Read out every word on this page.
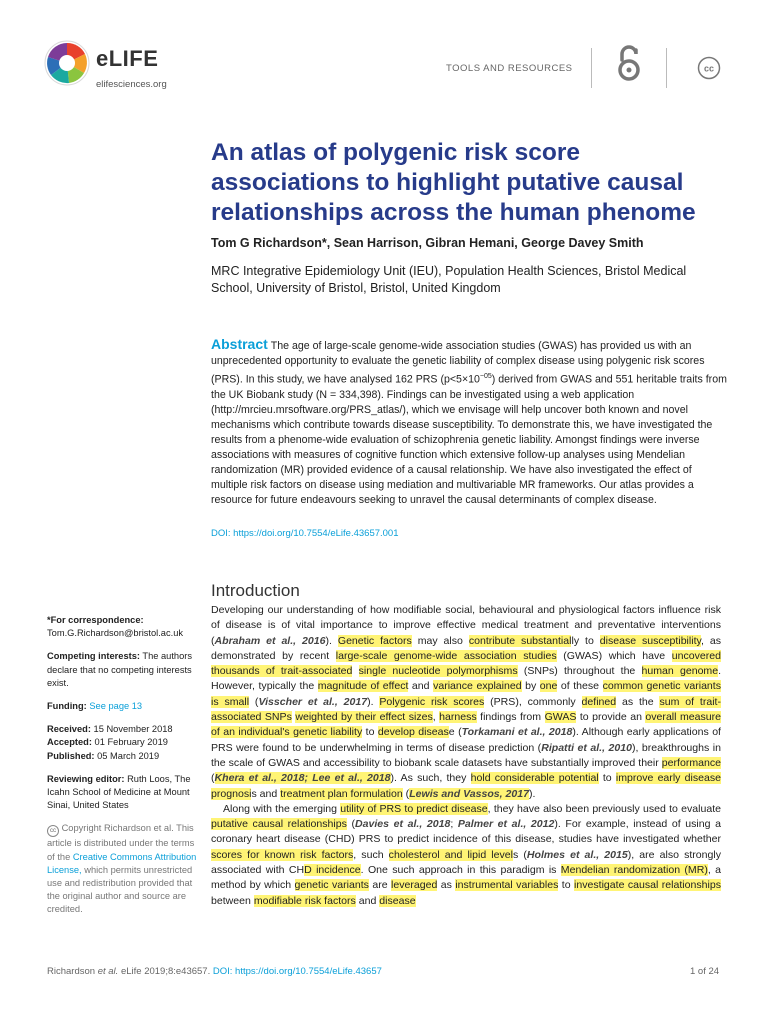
eLIFE
elifesciences.org
TOOLS AND RESOURCES	cc
An atlas of polygenic risk score associations to highlight putative causal relationships across the human phenome
Tom G Richardson*, Sean Harrison, Gibran Hemani, George Davey Smith
MRC Integrative Epidemiology Unit (IEU), Population Health Sciences, Bristol Medical School, University of Bristol, Bristol, United Kingdom
Abstract The age of large-scale genome-wide association studies (GWAS) has provided us with an unprecedented opportunity to evaluate the genetic liability of complex disease using polygenic risk scores (PRS). In this study, we have analysed 162 PRS $(p<5\times 10^{-05})$ derived from GWAS and 551 heritable traits from the UK Biobank study (N = 334,398). Findings can be investigated using a web application (http://mrcieu.mrsoftware.org/PRS_atlas/), which we envisage will help uncover both known and novel mechanisms which contribute towards disease susceptibility. To demonstrate this, we have investigated the results from a phenome-wide evaluation of schizophrenia genetic liability. Amongst findings were inverse associations with measures of cognitive function which extensive follow-up analyses using Mendelian randomization (MR) provided evidence of a causal relationship. We have also investigated the effect of multiple risk factors on disease using mediation and multivariable MR frameworks. Our atlas provides a resource for future endeavours seeking to unravel the causal determinants of complex disease.
DOI: https://doi.org/10.7554/eLife.43657.001
Introduction

Developing our understanding of how modifiable social, behavioural and physiological factors influence risk of disease is of vital importance to improve effective medical treatment and preventative interventions (Abraham et al., 2016). Genetic factors may also contribute substantially to disease susceptibility, as demonstrated by recent large-scale genome-wide association studies (GWAS) which have uncovered thousands of trait-associated single nucleotide polymorphisms (SNPs) throughout the human genome. However, typically the magnitude of effect and variance explained by one of these common genetic variants is small (Visscher et al., 2017). Polygenic risk scores (PRS), commonly defined as the sum of trait-associated SNPs weighted by their effect sizes, harness findings from GWAS to provide an overall measure of an individual's genetic liability to develop disease (Torkamani et al., 2018). Although early applications of PRS were found to be underwhelming in terms of disease prediction (Ripatti et al., 2010), breakthroughs in the scale of GWAS and accessibility to biobank scale datasets have substantially improved their performance (Khera et al., 2018; Lee et al., 2018). As such, they hold considerable potential to improve early disease prognosis and treatment plan formulation (Lewis and Vassos, 2017).

Along with the emerging utility of PRS to predict disease, they have also been previously used to evaluate putative causal relationships (Davies et al., 2018; Palmer et al., 2012). For example, instead of using a coronary heart disease (CHD) PRS to predict incidence of this disease, studies have investigated whether scores for known risk factors, such cholesterol and lipid levels (Holmes et al., 2015), are also strongly associated with CHD incidence. One such approach in this paradigm is Mendelian randomization (MR), a method by which genetic variants are leveraged as instrumental variables to investigate causal relationships between modifiable risk factors and disease

*For correspondence:
Tom.G.Richardson@bristol.ac.uk
Competing interests: The authors declare that no competing interests exist.
Funding: See page 13
Received: 15 November 2018
Accepted: 01 February 2019
Published: 05 March 2019
Reviewing editor: Ruth Loos, The Icahn School of Medicine at Mount Sinai, United States
cc Copyright Richardson et al. This article is distributed under the terms of the Creative Commons Attribution License, which permits unrestricted use and redistribution provided that the original author and source are credited.
Richardson et al. eLife 2019;8:e43657. DOI: https://doi.org/10.7554/eLife.43657	1 of 24
